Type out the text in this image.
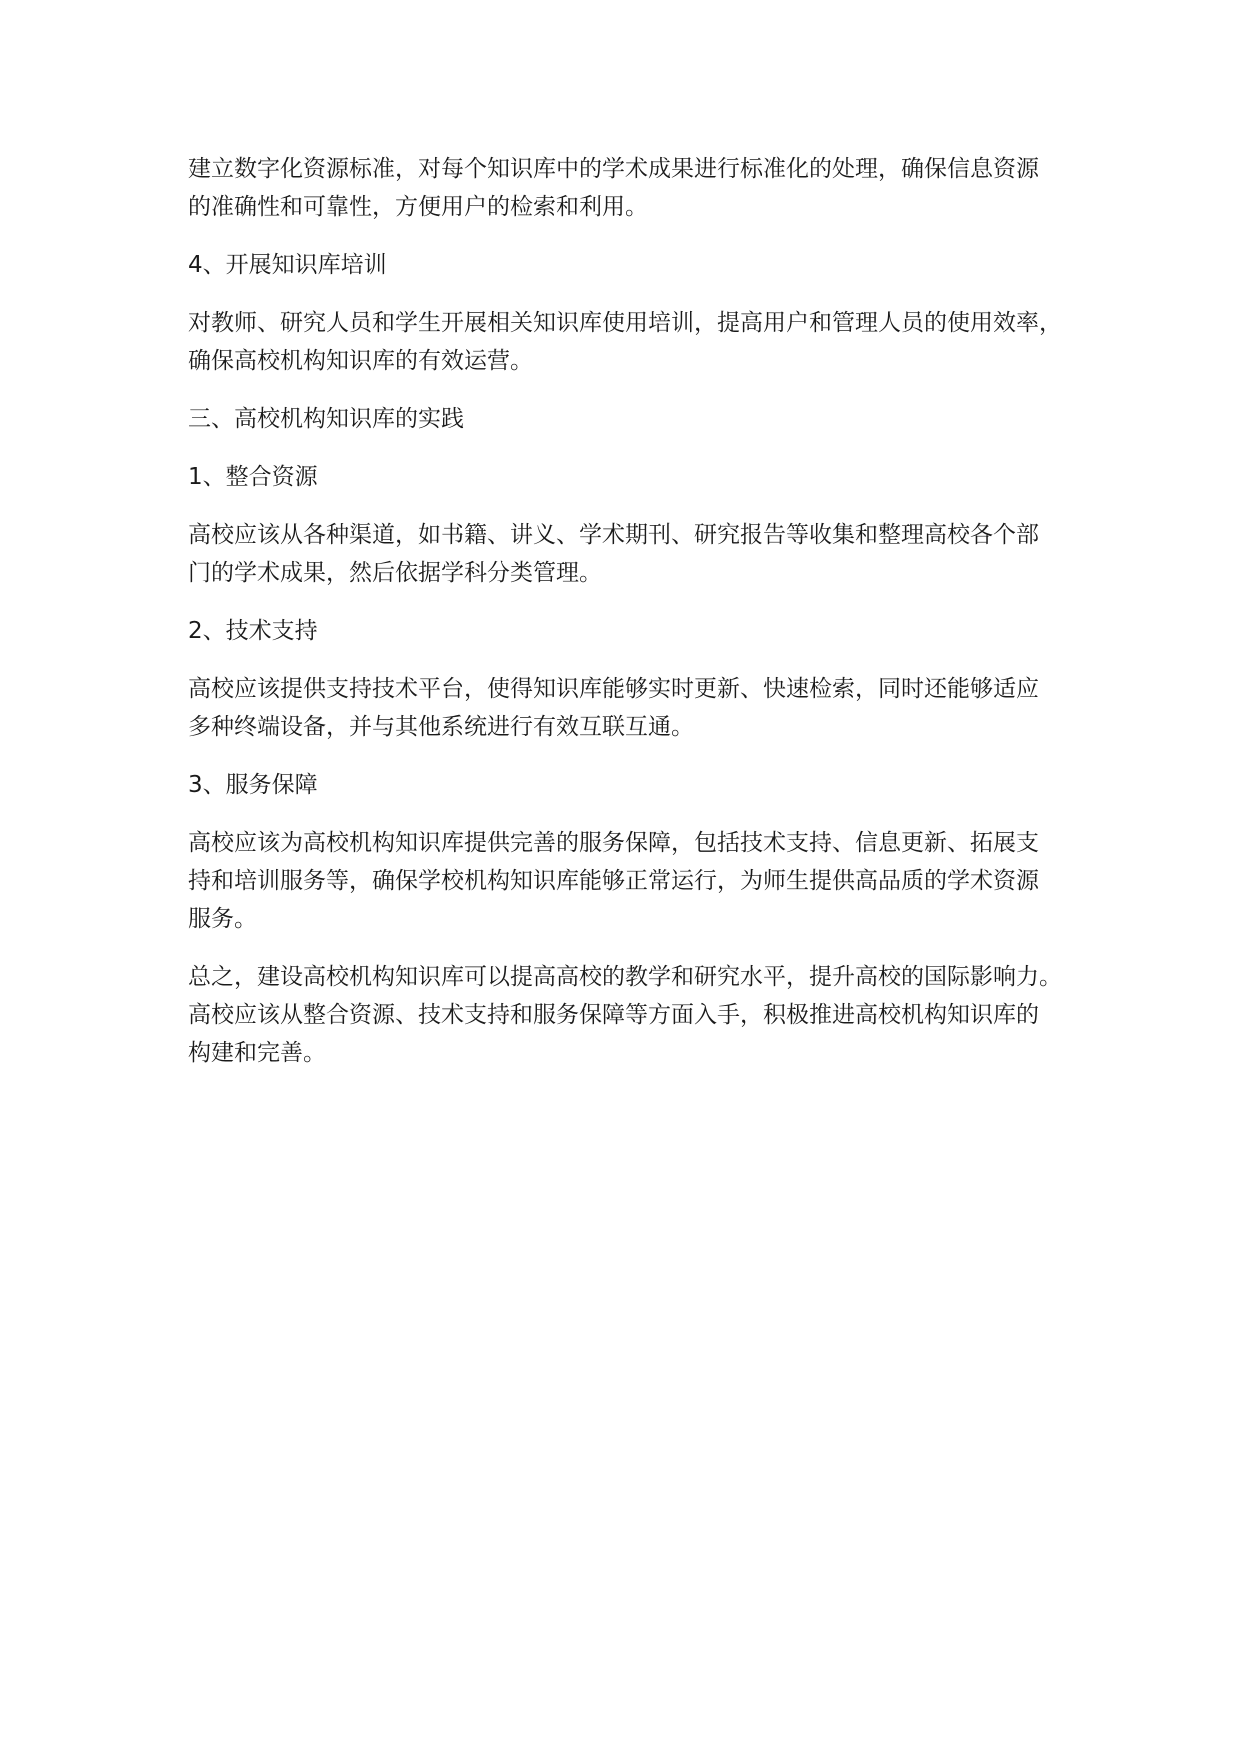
建立数字化资源标准，对每个知识库中的学术成果进行标准化的处理，确保信息资源
的准确性和可靠性，方便用户的检索和利用。

4、开展知识库培训

对教师、研究人员和学生开展相关知识库使用培训，提高用户和管理人员的使用效率，
确保高校机构知识库的有效运营。

三、高校机构知识库的实践

1、整合资源

高校应该从各种渠道，如书籍、讲义、学术期刊、研究报告等收集和整理高校各个部
门的学术成果，然后依据学科分类管理。

2、技术支持

高校应该提供支持技术平台，使得知识库能够实时更新、快速检索，同时还能够适应
多种终端设备，并与其他系统进行有效互联互通。

3、服务保障

高校应该为高校机构知识库提供完善的服务保障，包括技术支持、信息更新、拓展支
持和培训服务等，确保学校机构知识库能够正常运行，为师生提供高品质的学术资源
服务。

总之，建设高校机构知识库可以提高高校的教学和研究水平，提升高校的国际影响力。
高校应该从整合资源、技术支持和服务保障等方面入手，积极推进高校机构知识库的
构建和完善。
